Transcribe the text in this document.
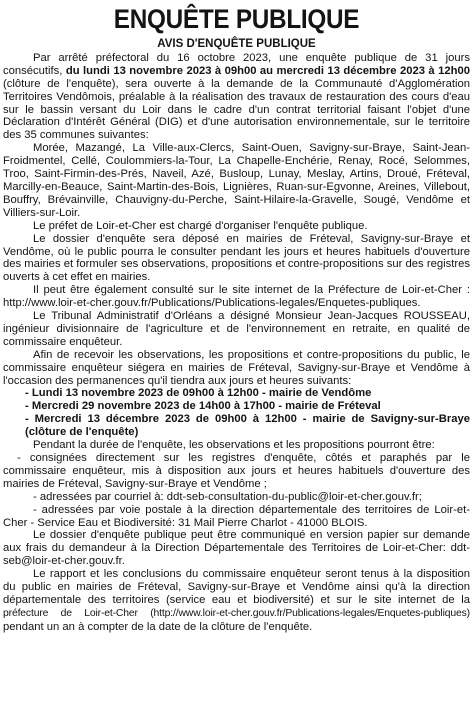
ENQUÊTE PUBLIQUE
AVIS D'ENQUÊTE PUBLIQUE

Par arrêté préfectoral du 16 octobre 2023, une enquête publique de 31 jours consécutifs, du lundi 13 novembre 2023 à 09h00 au mercredi 13 décembre 2023 à 12h00 (clôture de l'enquête), sera ouverte à la demande de la Communauté d'Agglomération Territoires Vendômois, préalable à la réalisation des travaux de restauration des cours d'eau sur le bassin versant du Loir dans le cadre d'un contrat territorial faisant l'objet d'une Déclaration d'Intérêt Général (DIG) et d'une autorisation environnementale, sur le territoire des 35 communes suivantes:

Morée, Mazangé, La Ville-aux-Clercs, Saint-Ouen, Savigny-sur-Braye, Saint-Jean-Froidmentel, Cellé, Coulommiers-la-Tour, La Chapelle-Enchérie, Renay, Rocé, Selommes, Troo, Saint-Firmin-des-Prés, Naveil, Azé, Busloup, Lunay, Meslay, Artins, Droué, Fréteval, Marcilly-en-Beauce, Saint-Martin-des-Bois, Lignières, Ruan-sur-Egvonne, Areines, Villebout, Bouffry, Brévainville, Chauvigny-du-Perche, Saint-Hilaire-la-Gravelle, Sougé, Vendôme et Villiers-sur-Loir.

Le préfet de Loir-et-Cher est chargé d'organiser l'enquête publique.

Le dossier d'enquête sera déposé en mairies de Fréteval, Savigny-sur-Braye et Vendôme, où le public pourra le consulter pendant les jours et heures habituels d'ouverture des mairies et formuler ses observations, propositions et contre-propositions sur des registres ouverts à cet effet en mairies.

Il peut être également consulté sur le site internet de la Préfecture de Loir-et-Cher : http://www.loir-et-cher.gouv.fr/Publications/Publications-legales/Enquetes-publiques.

Le Tribunal Administratif d'Orléans a désigné Monsieur Jean-Jacques ROUSSEAU, ingénieur divisionnaire de l'agriculture et de l'environnement en retraite, en qualité de commissaire enquêteur.

Afin de recevoir les observations, les propositions et contre-propositions du public, le commissaire enquêteur siégera en mairies de Fréteval, Savigny-sur-Braye et Vendôme à l'occasion des permanences qu'il tiendra aux jours et heures suivants:

- Lundi 13 novembre 2023 de 09h00 à 12h00 - mairie de Vendôme

- Mercredi 29 novembre 2023 de 14h00 à 17h00 - mairie de Fréteval

- Mercredi 13 décembre 2023 de 09h00 à 12h00 - mairie de Savigny-sur-Braye (clôture de l'enquête)

Pendant la durée de l'enquête, les observations et les propositions pourront être:

- consignées directement sur les registres d'enquête, côtés et paraphés par le commissaire enquêteur, mis à disposition aux jours et heures habituels d'ouverture des mairies de Fréteval, Savigny-sur-Braye et Vendôme ;

- adressées par courriel à: ddt-seb-consultation-du-public@loir-et-cher.gouv.fr;

- adressées par voie postale à la direction départementale des territoires de Loir-et-Cher - Service Eau et Biodiversité: 31 Mail Pierre Charlot - 41000 BLOIS.

Le dossier d'enquête publique peut être communiqué en version papier sur demande aux frais du demandeur à la Direction Départementale des Territoires de Loir-et-Cher: ddt-seb@loir-et-cher.gouv.fr.

Le rapport et les conclusions du commissaire enquêteur seront tenus à la disposition du public en mairies de Fréteval, Savigny-sur-Braye et Vendôme ainsi qu'à la direction départementale des territoires (service eau et biodiversité) et sur le site internet de la préfecture de Loir-et-Cher (http://www.loir-et-cher.gouv.fr/Publications-legales/Enquetes-publiques) pendant un an à compter de la date de la clôture de l'enquête.
